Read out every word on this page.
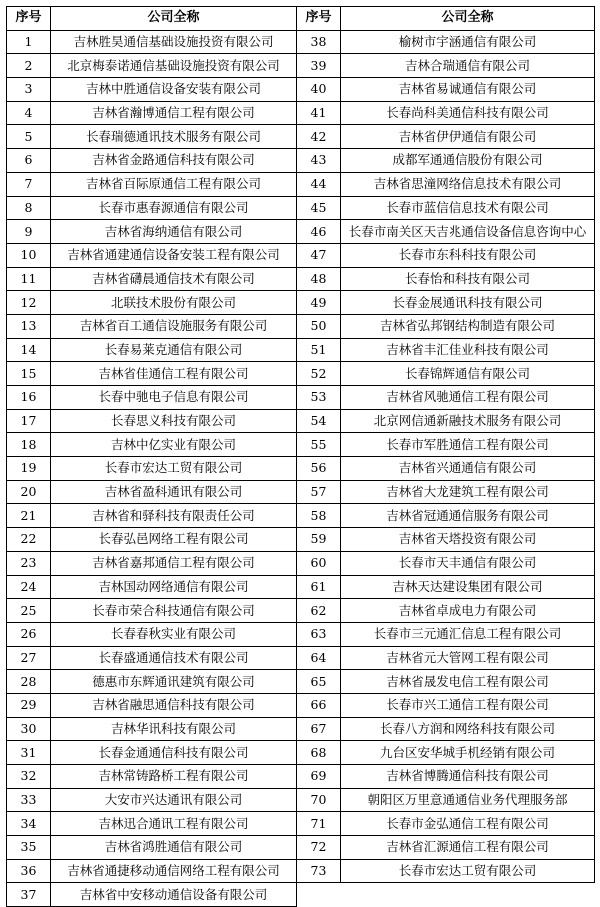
序号	公司全称
1	吉林胜昊通信基础设施投资有限公司
2	北京梅泰诺通信基础设施投资有限公司
3	吉林中胜通信设备安装有限公司
4	吉林省瀚博通信工程有限公司
5	长春瑞德通讯技术服务有限公司
6	吉林省金路通信科技有限公司
7	吉林省百际原通信工程有限公司
8	长春市惠春源通信有限公司
9	吉林省海纳通信有限公司
10	吉林省通建通信设备安装工程有限公司
11	吉林省礴晨通信技术有限公司
12	北联技术股份有限公司
13	吉林省百工通信设施服务有限公司
14	长春易莱克通信有限公司
15	吉林省佳通信工程有限公司
16	长春中驰电子信息有限公司
17	长春思义科技有限公司
18	吉林中亿实业有限公司
19	长春市宏达工贸有限公司
20	吉林省盈科通讯有限公司
21	吉林省和驿科技有限责任公司
22	长春弘邑网络工程有限公司
23	吉林省嘉邦通信工程有限公司
24	吉林国动网络通信有限公司
25	长春市荣合科技通信有限公司
26	长春春秋实业有限公司
27	长春盛通通信技术有限公司
28	德惠市东辉通讯建筑有限公司
29	吉林省融思通信科技有限公司
30	吉林华讯科技有限公司
31	长春金通通信科技有限公司
32	吉林常铸路桥工程有限公司
33	大安市兴达通讯有限公司
34	吉林迅合通讯工程有限公司
35	吉林省鸿胜通信有限公司
36	吉林省通捷移动通信网络工程有限公司
37	吉林省中安移动通信设备有限公司
序号	公司全称
38	榆树市宇涵通信有限公司
39	吉林合瑞通信有限公司
40	吉林省易诚通信有限公司
41	长春尚科美通信科技有限公司
42	吉林省伊伊通信有限公司
43	成都军通通信股份有限公司
44	吉林省思潼网络信息技术有限公司
45	长春市蓝信信息技术有限公司
46	长春市南关区天吉兆通信设备信息咨询中心
47	长春市东科科技有限公司
48	长春怡和科技有限公司
49	长春金展通讯科技有限公司
50	吉林省弘邦钢结构制造有限公司
51	吉林省丰汇佳业科技有限公司
52	长春锦辉通信有限公司
53	吉林省风驰通信工程有限公司
54	北京网信通新融技术服务有限公司
55	长春市军胜通信工程有限公司
56	吉林省兴通通信有限公司
57	吉林省大龙建筑工程有限公司
58	吉林省冠通通信服务有限公司
59	吉林省天塔投资有限公司
60	长春市天丰通信有限公司
61	吉林天达建设集团有限公司
62	吉林省卓成电力有限公司
63	长春市三元通汇信息工程有限公司
64	吉林省元大管网工程有限公司
65	吉林省晟发电信工程有限公司
66	长春市兴工通信工程有限公司
67	长春八方润和网络科技有限公司
68	九台区安华城手机经销有限公司
69	吉林省博腾通信科技有限公司
70	朝阳区万里意通通信业务代理服务部
71	长春市金弘通信工程有限公司
72	吉林省汇源通信工程有限公司
73	长春市宏达工贸有限公司
